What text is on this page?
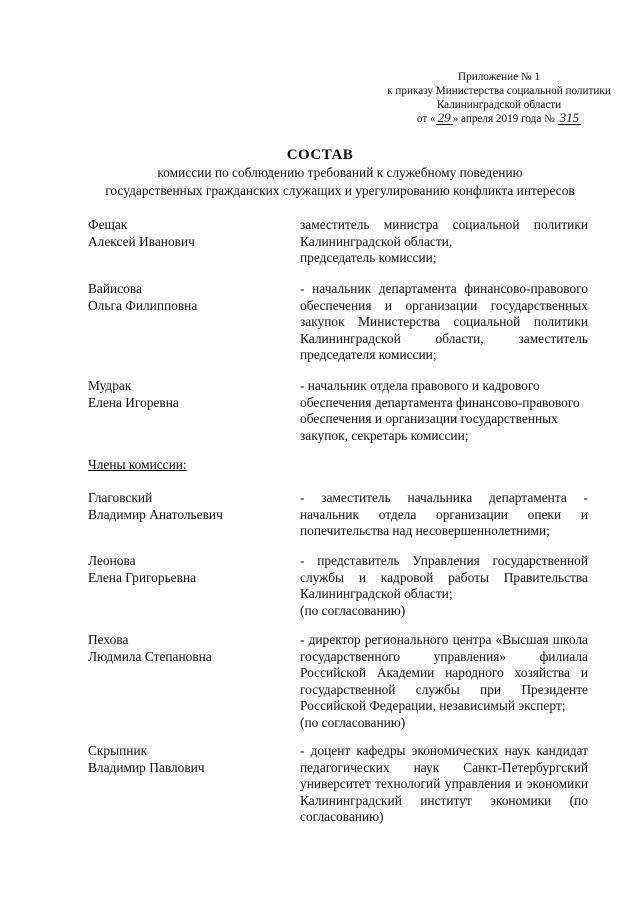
Приложение № 1
к приказу Министерства социальной политики
Калининградской области
от « 29 » апреля 2019 года № 315
СОСТАВ
комиссии по соблюдению требований к служебному поведению
государственных гражданских служащих и урегулированию конфликта интересов
Фещак
Алексей Иванович
заместитель министра социальной политики Калининградской области,
председатель комиссии;
Вайисова
Ольга Филипповна
- начальник департамента финансово-правового обеспечения и организации государственных закупок Министерства социальной политики Калининградской области, заместитель председателя комиссии;
Мудрак
Елена Игоревна
- начальник отдела правового и кадрового обеспечения департамента финансово-правового обеспечения и организации государственных закупок, секретарь комиссии;
Члены комиссии:
Глаговский
Владимир Анатольевич
- заместитель начальника департамента - начальник отдела организации опеки и попечительства над несовершеннолетними;
Леонова
Елена Григорьевна
- представитель Управления государственной службы и кадровой работы Правительства Калининградской области;
(по согласованию)
Пехова
Людмила Степановна
- директор регионального центра «Высшая школа государственного управления» филиала Российской Академии народного хозяйства и государственной службы при Президенте Российской Федерации, независимый эксперт;
(по согласованию)
Скрыпник
Владимир Павлович
- доцент кафедры экономических наук кандидат педагогических наук Санкт-Петербургский университет технологий управления и экономики Калининградский институт экономики (по согласованию)
